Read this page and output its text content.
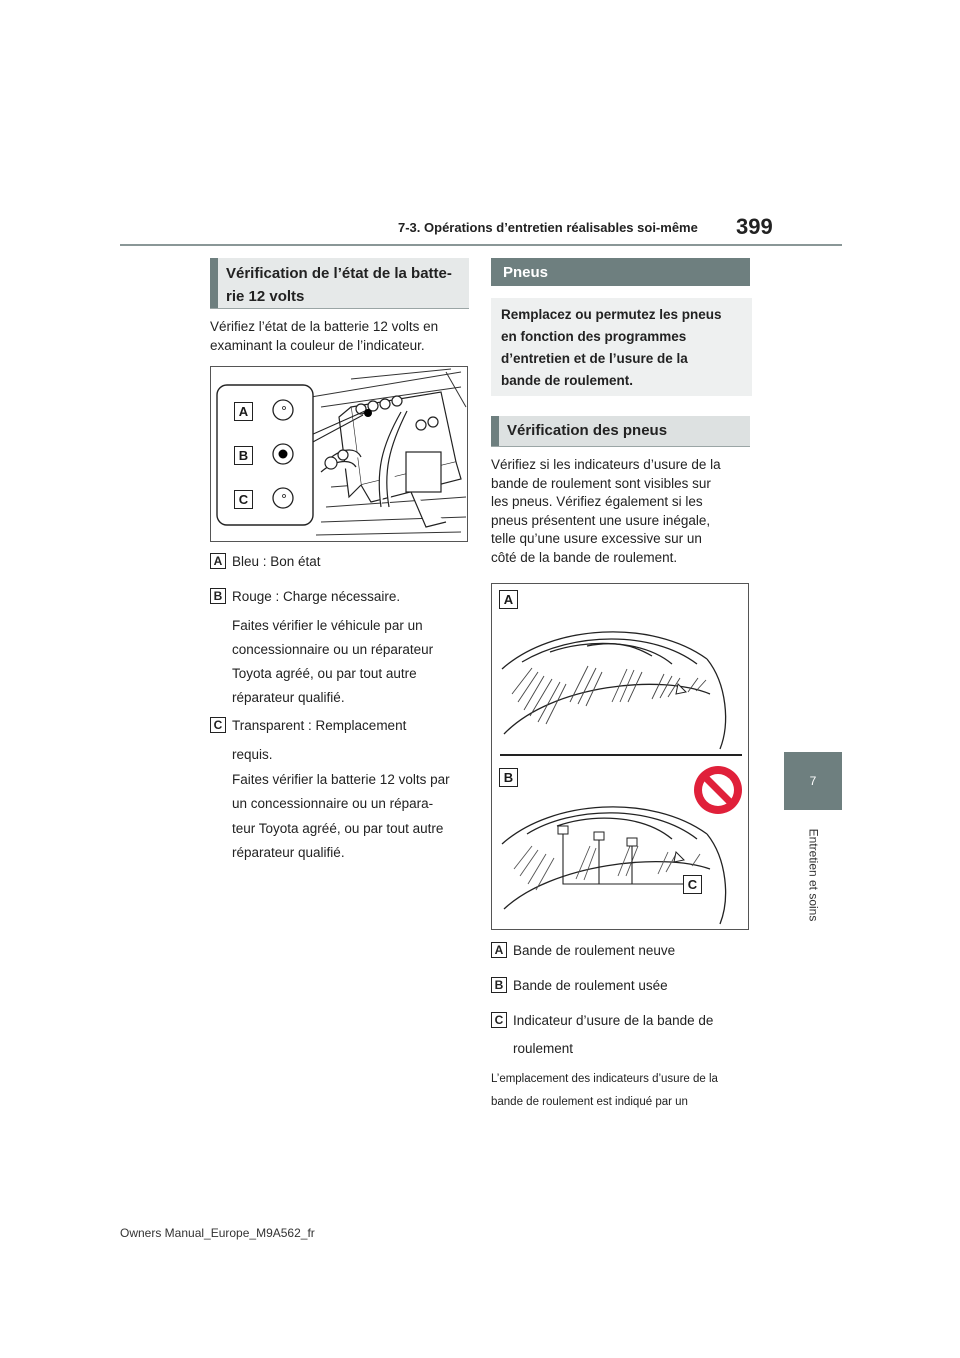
7-3. Opérations d’entretien réalisables soi-même 399
7
Entretien et soins
Vérification de l’état de la batte-
rie 12 volts
Vérifiez l’état de la batterie 12 volts en
examinant la couleur de l’indicateur.
A
B
C
A Bleu : Bon état
B Rouge : Charge nécessaire.
Faites vérifier le véhicule par un
concessionnaire ou un réparateur
Toyota agréé, ou par tout autre
réparateur qualifié.
C Transparent : Remplacement
requis.
Faites vérifier la batterie 12 volts par
un concessionnaire ou un répara-
teur Toyota agréé, ou par tout autre
réparateur qualifié.
Pneus
Remplacez ou permutez les pneus
en fonction des programmes
d’entretien et de l’usure de la
bande de roulement.
Vérification des pneus
Vérifiez si les indicateurs d’usure de la
bande de roulement sont visibles sur
les pneus. Vérifiez également si les
pneus présentent une usure inégale,
telle qu’une usure excessive sur un
côté de la bande de roulement.
A
B
C
A Bande de roulement neuve
B Bande de roulement usée
C Indicateur d’usure de la bande de
roulement
L’emplacement des indicateurs d’usure de la
bande de roulement est indiqué par un
Owners Manual_Europe_M9A562_fr
